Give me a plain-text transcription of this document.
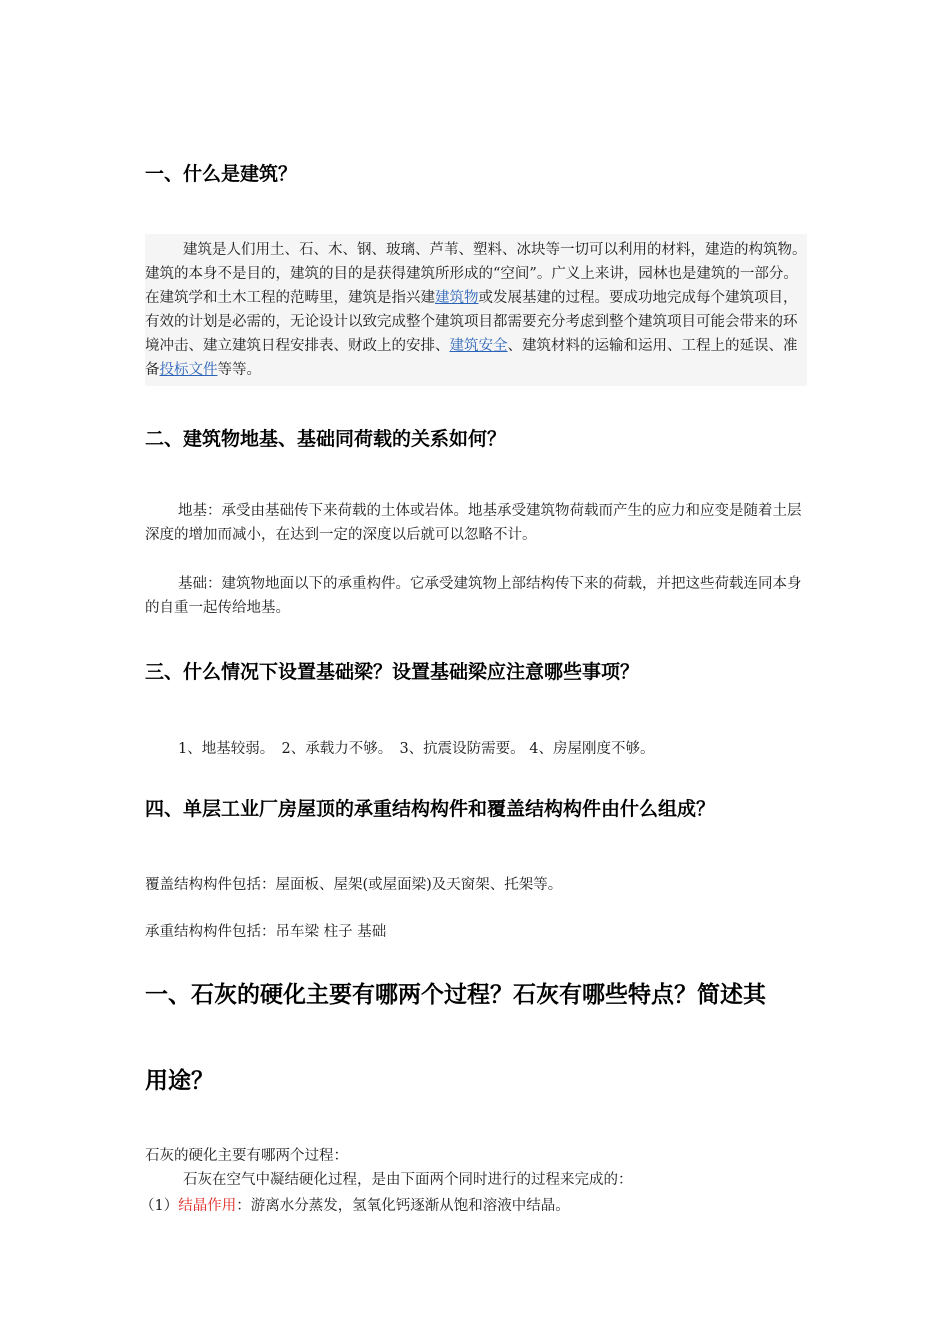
一、什么是建筑？
建筑是人们用土、石、木、钢、玻璃、芦苇、塑料、冰块等一切可以利用的材料，建造的构筑物。建筑的本身不是目的，建筑的目的是获得建筑所形成的“空间”。广义上来讲，园林也是建筑的一部分。在建筑学和土木工程的范畴里，建筑是指兴建建筑物或发展基建的过程。要成功地完成每个建筑项目，有效的计划是必需的，无论设计以致完成整个建筑项目都需要充分考虑到整个建筑项目可能会带来的环境冲击、建立建筑日程安排表、财政上的安排、建筑安全、建筑材料的运输和运用、工程上的延误、准备投标文件等等。
二、建筑物地基、基础同荷载的关系如何？
地基：承受由基础传下来荷载的土体或岩体。地基承受建筑物荷载而产生的应力和应变是随着土层深度的增加而减小，在达到一定的深度以后就可以忽略不计。
基础：建筑物地面以下的承重构件。它承受建筑物上部结构传下来的荷载，并把这些荷载连同本身的自重一起传给地基。
三、什么情况下设置基础梁？设置基础梁应注意哪些事项？
1、地基较弱。　2、承载力不够。　3、抗震设防需要。 4、房屋刚度不够。
四、单层工业厂房屋顶的承重结构构件和覆盖结构构件由什么组成？
覆盖结构构件包括：屋面板、屋架(或屋面梁)及天窗架、托架等。
承重结构构件包括：吊车梁 柱子 基础
一、石灰的硬化主要有哪两个过程？石灰有哪些特点？简述其
用途？
石灰的硬化主要有哪两个过程：
石灰在空气中凝结硬化过程，是由下面两个同时进行的过程来完成的：
（1）结晶作用：游离水分蒸发，氢氧化钙逐渐从饱和溶液中结晶。
